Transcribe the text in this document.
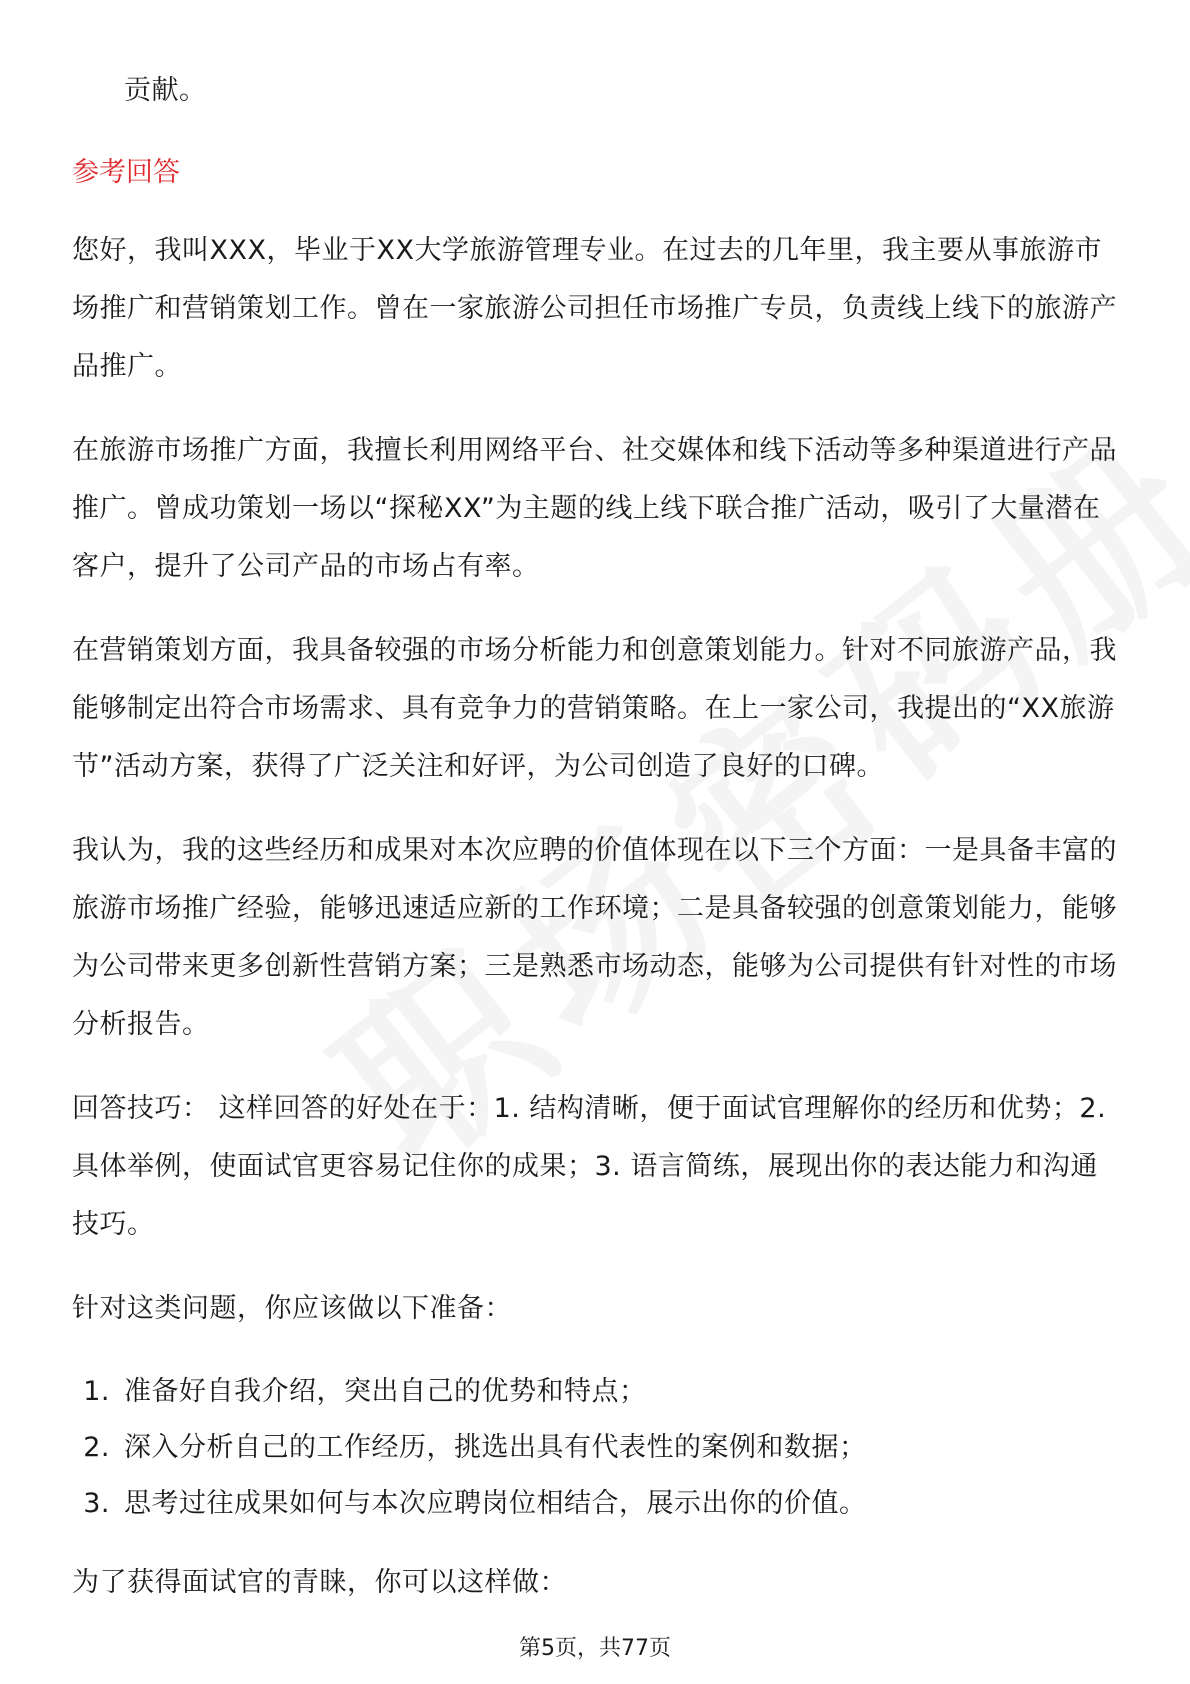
贡献。
参考回答

您好，我叫XXX，毕业于XX大学旅游管理专业。在过去的几年里，我主要从事旅游市场推广和营销策划工作。曾在一家旅游公司担任市场推广专员，负责线上线下的旅游产品推广。

在旅游市场推广方面，我擅长利用网络平台、社交媒体和线下活动等多种渠道进行产品推广。曾成功策划一场以“探秘XX”为主题的线上线下联合推广活动，吸引了大量潜在客户，提升了公司产品的市场占有率。

在营销策划方面，我具备较强的市场分析能力和创意策划能力。针对不同旅游产品，我能够制定出符合市场需求、具有竞争力的营销策略。在上一家公司，我提出的“XX旅游节”活动方案，获得了广泛关注和好评，为公司创造了良好的口碑。

我认为，我的这些经历和成果对本次应聘的价值体现在以下三个方面：一是具备丰富的旅游市场推广经验，能够迅速适应新的工作环境；二是具备较强的创意策划能力，能够为公司带来更多创新性营销方案；三是熟悉市场动态，能够为公司提供有针对性的市场分析报告。

回答技巧： 这样回答的好处在于：1. 结构清晰，便于面试官理解你的经历和优势；2. 具体举例，使面试官更容易记住你的成果；3. 语言简练，展现出你的表达能力和沟通技巧。

针对这类问题，你应该做以下准备：

1. 准备好自我介绍，突出自己的优势和特点；
2. 深入分析自己的工作经历，挑选出具有代表性的案例和数据；
3. 思考过往成果如何与本次应聘岗位相结合，展示出你的价值。

为了获得面试官的青睐，你可以这样做：

第5页，共77页
